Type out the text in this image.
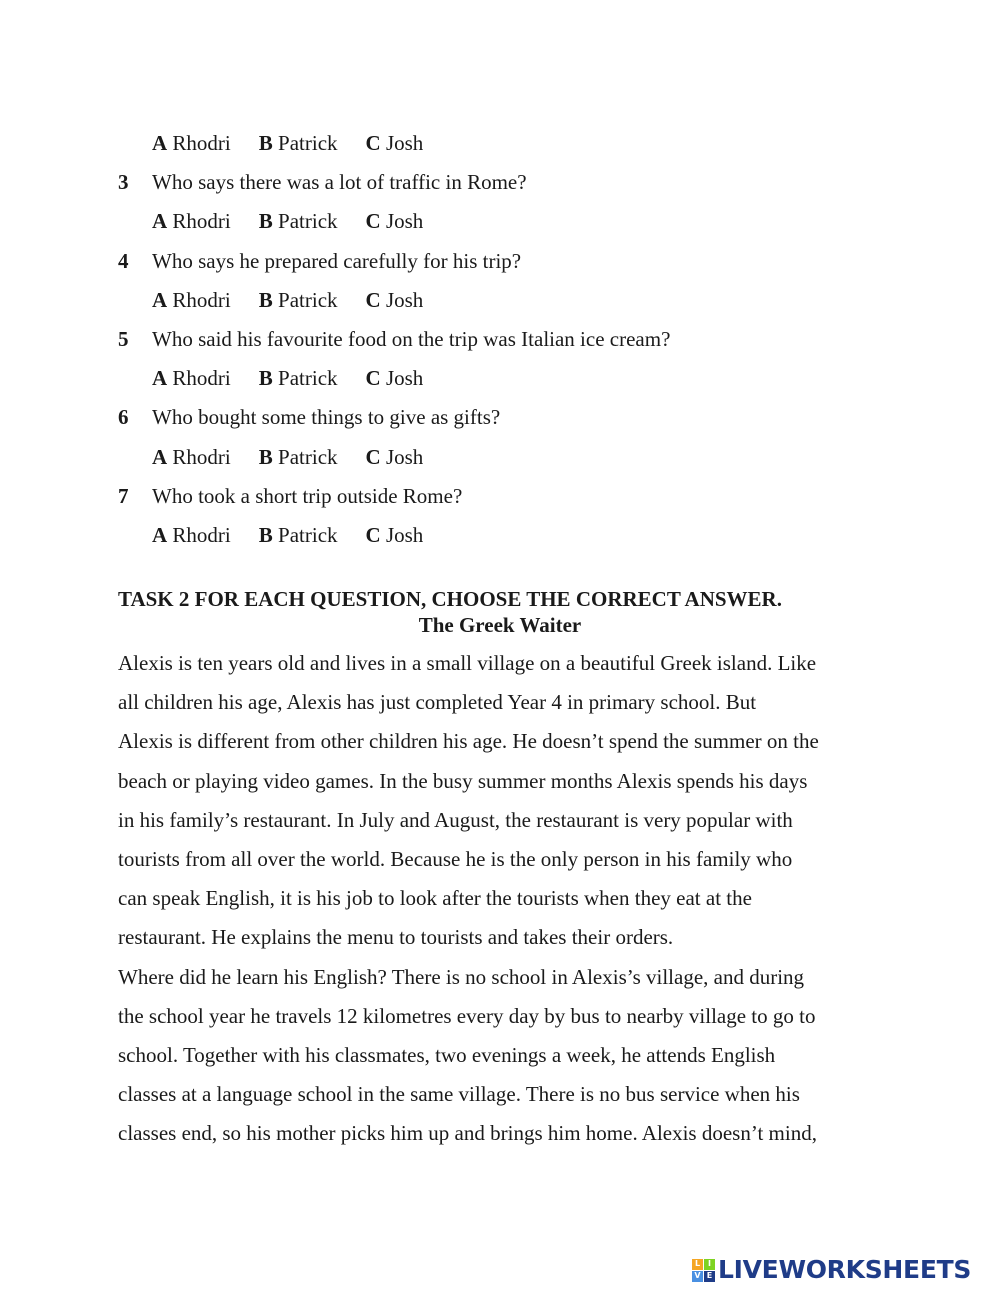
A Rhodri B Patrick C Josh
3 Who says there was a lot of traffic in Rome?
A Rhodri B Patrick C Josh
4 Who says he prepared carefully for his trip?
A Rhodri B Patrick C Josh
5 Who said his favourite food on the trip was Italian ice cream?
A Rhodri B Patrick C Josh
6 Who bought some things to give as gifts?
A Rhodri B Patrick C Josh
7 Who took a short trip outside Rome?
A Rhodri B Patrick C Josh
TASK 2 FOR EACH QUESTION, CHOOSE THE CORRECT ANSWER.
The Greek Waiter
Alexis is ten years old and lives in a small village on a beautiful Greek island. Like
all children his age, Alexis has just completed Year 4 in primary school. But
Alexis is different from other children his age. He doesn’t spend the summer on the
beach or playing video games. In the busy summer months Alexis spends his days
in his family’s restaurant. In July and August, the restaurant is very popular with
tourists from all over the world. Because he is the only person in his family who
can speak English, it is his job to look after the tourists when they eat at the
restaurant. He explains the menu to tourists and takes their orders.
Where did he learn his English? There is no school in Alexis’s village, and during
the school year he travels 12 kilometres every day by bus to nearby village to go to
school. Together with his classmates, two evenings a week, he attends English
classes at a language school in the same village. There is no bus service when his
classes end, so his mother picks him up and brings him home. Alexis doesn’t mind,
L I
V E LIVEWORKSHEETS
